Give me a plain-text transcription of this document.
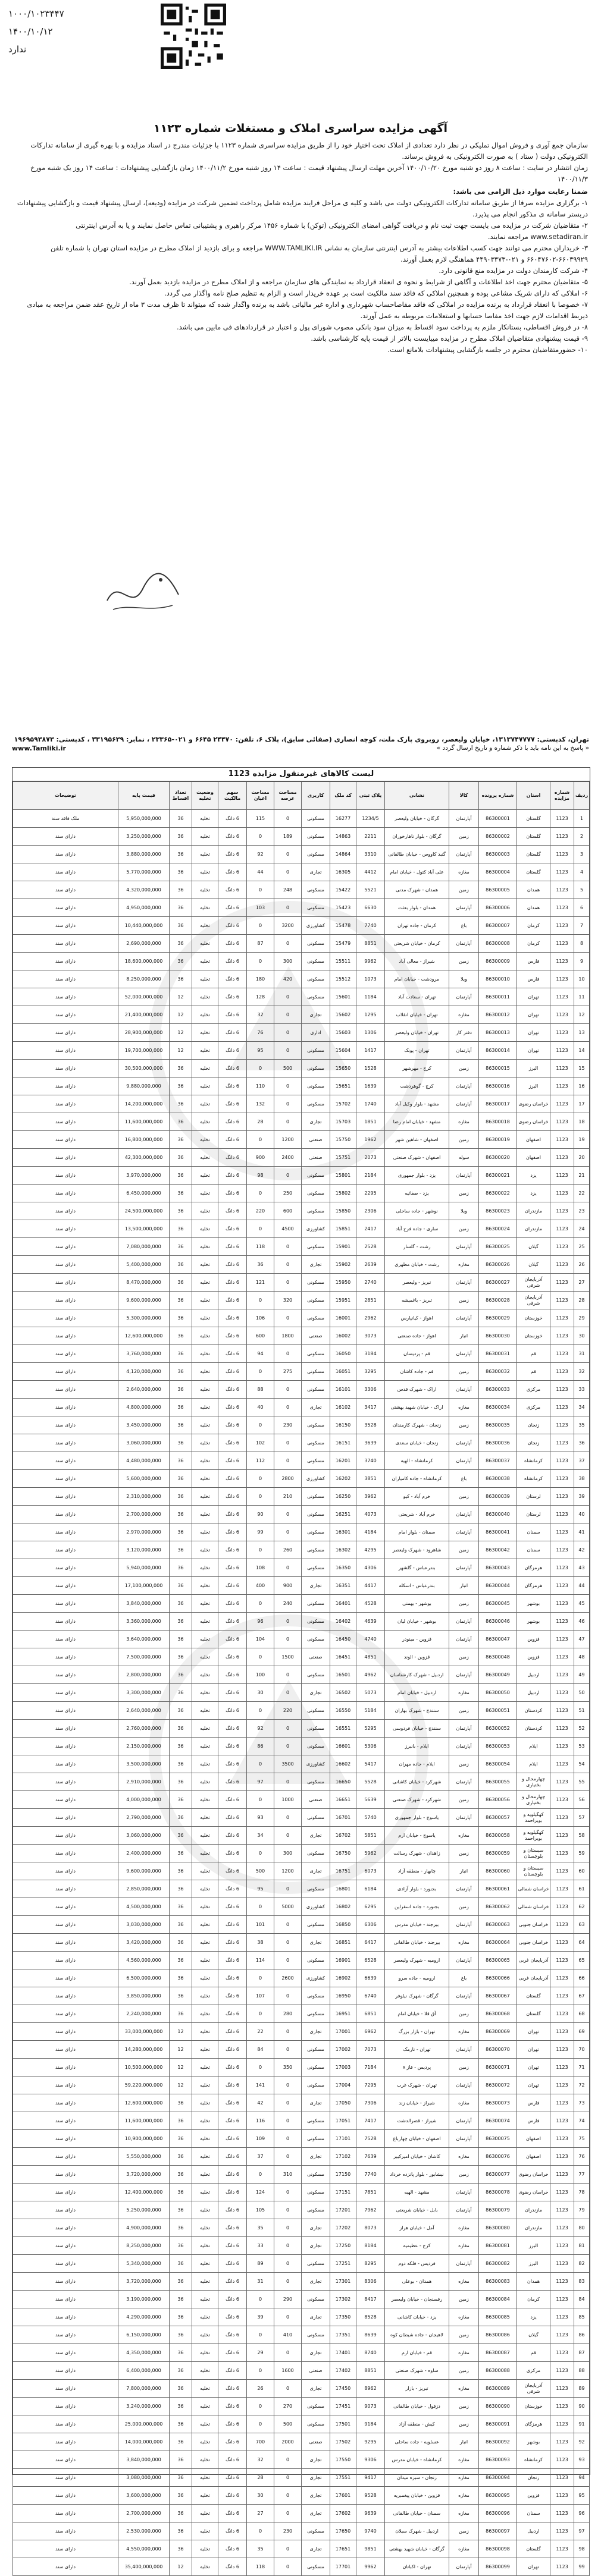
۱۰۰۰/۱۰۲۳۴۴۷
۱۴۰۰/۱۰/۱۲
ندارد
آگهی مزایده سراسری املاک و مستغلات شماره ۱۱۲۳

سازمان جمع آوری و فروش اموال تملیکی در نظر دارد تعدادی از املاک تحت اختیار خود را از طریق مزایده سراسری شماره ۱۱۲۳ با جزئیات مندرج در اسناد مزایده و با بهره گیری از سامانه تدارکات الکترونیکی دولت ( ستاد ) به صورت الکترونیکی به فروش برساند.

زمان انتشار در سایت : ساعت ۸ روز دو شنبه مورخ ۱۴۰۰/۱۰/۲۰ آخرین مهلت ارسال پیشنهاد قیمت : ساعت ۱۴ روز شنبه مورخ ۱۴۰۰/۱۱/۲ زمان بازگشایی پیشنهادات : ساعت ۱۴ روز یک شنبه مورخ ۱۴۰۰/۱۱/۳

ضمنا رعایت موارد ذیل الزامی می باشد:

۱- برگزاری مزایده صرفا از طریق سامانه تدارکات الکترونیکی دولت می باشد و کلیه ی مراحل فرایند مزایده شامل پرداخت تضمین شرکت در مزایده (ودیعه)، ارسال پیشنهاد قیمت و بازگشایی پیشنهادات دربستر سامانه ی مذکور انجام می پذیرد.

۲- متقاضیان شرکت در مزایده می بایست جهت ثبت نام و دریافت گواهی امضای الکترونیکی (توکن) با شماره ۱۴۵۶ مرکز راهبری و پشتیبانی تماس حاصل نمایند و یا به آدرس اینترنتی www.setadiran.ir مراجعه نمایند.

۳- خریداران محترم می توانند جهت کسب اطلاعات بیشتر به آدرس اینترنتی سازمان به نشانی WWW.TAMLIKI.IR مراجعه و برای بازدید از املاک مطرح در مزایده استان تهران با شماره تلفن ۶۶۰۳۹۹۲۹-۶۶۰۴۷۶۰۲ و ۰۲۱-۴۴۹۰۳۳۷۳ هماهنگی لازم بعمل آورند.

۴- شرکت کارمندان دولت در مزایده منع قانونی دارد.

۵- متقاضیان محترم جهت اخذ اطلاعات و آگاهی از شرایط و نحوه ی انعقاد قرارداد به نمایندگی های سازمان مراجعه و از املاک مطرح در مزایده بازدید بعمل آورند.

۶- املاکی که دارای شریک مشاعی بوده و همچنین املاکی که فاقد سند مالکیت است بر عهده خریدار است و الزام به تنظیم صلح نامه واگذار می گردد.

۷- خصوصا با انعقاد قرارداد به برنده مزایده در املاکی که فاقد مفاصاحساب شهرداری و اداره غیر مالیاتی باشد به برنده واگذار شده که میتواند تا ظرف مدت ۳ ماه از تاریخ عقد ضمن مراجعه به مبادی ذیربط اقدامات لازم جهت اخذ مفاصا حسابها و استعلامات مربوطه به عمل آورند.

۸- در فروش اقساطی، بستانکار ملزم به پرداخت سود اقساط به میزان سود بانکی مصوب شورای پول و اعتبار در قراردادهای فی مابین می باشد.

۹- قیمت پیشنهادی متقاضیان املاک مطرح در مزایده میبایست بالاتر از قیمت پایه کارشناسی باشد.

۱۰- حضورمتقاضیان محترم در جلسه بازگشایی پیشنهادات بلامانع است.

تهران، کدپستی: ۱۳۱۳۷۴۷۷۷۷، خیابان ولیعصر، روبروی پارک ملت، کوچه انصاری (صفائی سابق)، پلاک ۶، تلفن: ۲۴۴۷۰ ۶۶۴۵ و ۰۲۱-۲۳۳۶۵ ، نمابر: ۳۳۱۹۵۶۳۹ ، کدپستی: ۱۹۶۹۵۹۳۸۷۳
« پاسخ به این نامه باید با ذکر شماره و تاریخ ارسال گردد »
www.Tamliki.ir
لیست کالاهای غیرمنقول مزایده 1123
ردیف	شماره مزایده	استان	شماره پرونده	کالا	نشانی	پلاک ثبتی	کد ملک	کاربری	مساحت عرصه	مساحت اعیان	سهم مالکیت	وضعیت تخلیه	تعداد اقساط	قیمت پایه	توضیحات
1	1123	گلستان	86300001	آپارتمان	گرگان - خیابان ولیعصر	1234/5	16277	مسکونی	0	115	6 دانگ	تخلیه	36	5,950,000,000	ملک فاقد سند
2	1123	گلستان	86300002	زمین	گرگان - بلوار ناهارخوران	2211	14863	مسکونی	189	0	6 دانگ	تخلیه	36	3,250,000,000	دارای سند
3	1123	گلستان	86300003	آپارتمان	گنبد کاووس - خیابان طالقانی	3310	14864	مسکونی	0	92	6 دانگ	تخلیه	36	3,880,000,000	دارای سند
4	1123	گلستان	86300004	مغازه	علی آباد کتول - خیابان امام	4412	16305	تجاری	0	44	6 دانگ	تخلیه	36	5,770,000,000	دارای سند
5	1123	همدان	86300005	زمین	همدان - شهرک مدنی	5521	15422	مسکونی	248	0	6 دانگ	تخلیه	36	4,320,000,000	دارای سند
6	1123	همدان	86300006	آپارتمان	همدان - بلوار بعثت	6630	15423	مسکونی	0	103	6 دانگ	تخلیه	36	4,950,000,000	دارای سند
7	1123	کرمان	86300007	باغ	کرمان - جاده تهران	7740	15478	کشاورزی	3200	0	6 دانگ	تخلیه	36	10,440,000,000	دارای سند
8	1123	کرمان	86300008	آپارتمان	کرمان - خیابان شریعتی	8851	15479	مسکونی	0	87	6 دانگ	تخلیه	36	2,690,000,000	دارای سند
9	1123	فارس	86300009	زمین	شیراز - معالی آباد	9962	15511	مسکونی	300	0	6 دانگ	تخلیه	36	18,600,000,000	دارای سند
10	1123	فارس	86300010	ویلا	مرودشت - خیابان امام	1073	15512	مسکونی	420	180	6 دانگ	تخلیه	36	8,250,000,000	دارای سند
11	1123	تهران	86300011	آپارتمان	تهران - سعادت آباد	1184	15601	مسکونی	0	128	6 دانگ	تخلیه	12	52,000,000,000	دارای سند
12	1123	تهران	86300012	مغازه	تهران - خیابان انقلاب	1295	15602	تجاری	0	32	6 دانگ	تخلیه	12	21,400,000,000	دارای سند
13	1123	تهران	86300013	دفتر کار	تهران - خیابان ولیعصر	1306	15603	اداری	0	76	6 دانگ	تخلیه	12	28,900,000,000	دارای سند
14	1123	تهران	86300014	آپارتمان	تهران - پونک	1417	15604	مسکونی	0	95	6 دانگ	تخلیه	12	19,700,000,000	دارای سند
15	1123	البرز	86300015	زمین	کرج - مهرشهر	1528	15650	مسکونی	500	0	6 دانگ	تخلیه	36	30,500,000,000	دارای سند
16	1123	البرز	86300016	آپارتمان	کرج - گوهردشت	1639	15651	مسکونی	0	110	6 دانگ	تخلیه	36	9,880,000,000	دارای سند
17	1123	خراسان رضوی	86300017	آپارتمان	مشهد - بلوار وکیل آباد	1740	15702	مسکونی	0	132	6 دانگ	تخلیه	36	14,200,000,000	دارای سند
18	1123	خراسان رضوی	86300018	مغازه	مشهد - خیابان امام رضا	1851	15703	تجاری	0	28	6 دانگ	تخلیه	36	11,600,000,000	دارای سند
19	1123	اصفهان	86300019	زمین	اصفهان - شاهین شهر	1962	15750	صنعتی	1200	0	6 دانگ	تخلیه	36	16,800,000,000	دارای سند
20	1123	اصفهان	86300020	سوله	اصفهان - شهرک صنعتی	2073	15751	صنعتی	2400	900	6 دانگ	تخلیه	36	42,300,000,000	دارای سند
21	1123	یزد	86300021	آپارتمان	یزد - بلوار جمهوری	2184	15801	مسکونی	0	98	6 دانگ	تخلیه	36	3,970,000,000	دارای سند
22	1123	یزد	86300022	زمین	یزد - صفائیه	2295	15802	مسکونی	250	0	6 دانگ	تخلیه	36	6,450,000,000	دارای سند
23	1123	مازندران	86300023	ویلا	نوشهر - جاده ساحلی	2306	15850	مسکونی	600	220	6 دانگ	تخلیه	36	24,500,000,000	دارای سند
24	1123	مازندران	86300024	زمین	ساری - جاده فرح آباد	2417	15851	کشاورزی	4500	0	6 دانگ	تخلیه	36	13,500,000,000	دارای سند
25	1123	گیلان	86300025	آپارتمان	رشت - گلسار	2528	15901	مسکونی	0	118	6 دانگ	تخلیه	36	7,080,000,000	دارای سند
26	1123	گیلان	86300026	مغازه	رشت - خیابان مطهری	2639	15902	تجاری	0	36	6 دانگ	تخلیه	36	5,400,000,000	دارای سند
27	1123	آذربایجان شرقی	86300027	آپارتمان	تبریز - ولیعصر	2740	15950	مسکونی	0	121	6 دانگ	تخلیه	36	8,470,000,000	دارای سند
28	1123	آذربایجان شرقی	86300028	زمین	تبریز - باغمیشه	2851	15951	مسکونی	320	0	6 دانگ	تخلیه	36	9,600,000,000	دارای سند
29	1123	خوزستان	86300029	آپارتمان	اهواز - کیانپارس	2962	16001	مسکونی	0	106	6 دانگ	تخلیه	36	5,300,000,000	دارای سند
30	1123	خوزستان	86300030	انبار	اهواز - جاده صنعتی	3073	16002	صنعتی	1800	600	6 دانگ	تخلیه	36	12,600,000,000	دارای سند
31	1123	قم	86300031	آپارتمان	قم - پردیسان	3184	16050	مسکونی	0	94	6 دانگ	تخلیه	36	3,760,000,000	دارای سند
32	1123	قم	86300032	زمین	قم - جاده کاشان	3295	16051	مسکونی	275	0	6 دانگ	تخلیه	36	4,120,000,000	دارای سند
33	1123	مرکزی	86300033	آپارتمان	اراک - شهرک قدس	3306	16101	مسکونی	0	88	6 دانگ	تخلیه	36	2,640,000,000	دارای سند
34	1123	مرکزی	86300034	مغازه	اراک - خیابان شهید بهشتی	3417	16102	تجاری	0	40	6 دانگ	تخلیه	36	4,800,000,000	دارای سند
35	1123	زنجان	86300035	زمین	زنجان - شهرک کارمندان	3528	16150	مسکونی	230	0	6 دانگ	تخلیه	36	3,450,000,000	دارای سند
36	1123	زنجان	86300036	آپارتمان	زنجان - خیابان سعدی	3639	16151	مسکونی	0	102	6 دانگ	تخلیه	36	3,060,000,000	دارای سند
37	1123	کرمانشاه	86300037	آپارتمان	کرمانشاه - الهیه	3740	16201	مسکونی	0	112	6 دانگ	تخلیه	36	4,480,000,000	دارای سند
38	1123	کرمانشاه	86300038	باغ	کرمانشاه - جاده کامیاران	3851	16202	کشاورزی	2800	0	6 دانگ	تخلیه	36	5,600,000,000	دارای سند
39	1123	لرستان	86300039	زمین	خرم آباد - کیو	3962	16250	مسکونی	210	0	6 دانگ	تخلیه	36	2,310,000,000	دارای سند
40	1123	لرستان	86300040	آپارتمان	خرم آباد - شریعتی	4073	16251	مسکونی	0	90	6 دانگ	تخلیه	36	2,700,000,000	دارای سند
41	1123	سمنان	86300041	آپارتمان	سمنان - بلوار امام	4184	16301	مسکونی	0	99	6 دانگ	تخلیه	36	2,970,000,000	دارای سند
42	1123	سمنان	86300042	زمین	شاهرود - شهرک ولیعصر	4295	16302	مسکونی	260	0	6 دانگ	تخلیه	36	3,120,000,000	دارای سند
43	1123	هرمزگان	86300043	آپارتمان	بندرعباس - گلشهر	4306	16350	مسکونی	0	108	6 دانگ	تخلیه	36	5,940,000,000	دارای سند
44	1123	هرمزگان	86300044	انبار	بندرعباس - اسکله	4417	16351	تجاری	900	400	6 دانگ	تخلیه	36	17,100,000,000	دارای سند
45	1123	بوشهر	86300045	زمین	بوشهر - بهمنی	4528	16401	مسکونی	240	0	6 دانگ	تخلیه	36	3,840,000,000	دارای سند
46	1123	بوشهر	86300046	آپارتمان	بوشهر - خیابان لیان	4639	16402	مسکونی	0	96	6 دانگ	تخلیه	36	3,360,000,000	دارای سند
47	1123	قزوین	86300047	آپارتمان	قزوین - مینودر	4740	16450	مسکونی	0	104	6 دانگ	تخلیه	36	3,640,000,000	دارای سند
48	1123	قزوین	86300048	زمین	قزوین - الوند	4851	16451	صنعتی	1500	0	6 دانگ	تخلیه	36	7,500,000,000	دارای سند
49	1123	اردبیل	86300049	آپارتمان	اردبیل - شهرک کارشناسان	4962	16501	مسکونی	0	100	6 دانگ	تخلیه	36	2,800,000,000	دارای سند
50	1123	اردبیل	86300050	مغازه	اردبیل - خیابان امام	5073	16502	تجاری	0	30	6 دانگ	تخلیه	36	3,300,000,000	دارای سند
51	1123	کردستان	86300051	زمین	سنندج - شهرک بهاران	5184	16550	مسکونی	220	0	6 دانگ	تخلیه	36	2,640,000,000	دارای سند
52	1123	کردستان	86300052	آپارتمان	سنندج - خیابان فردوسی	5295	16551	مسکونی	0	92	6 دانگ	تخلیه	36	2,760,000,000	دارای سند
53	1123	ایلام	86300053	آپارتمان	ایلام - بانبرز	5306	16601	مسکونی	0	86	6 دانگ	تخلیه	36	2,150,000,000	دارای سند
54	1123	ایلام	86300054	زمین	ایلام - جاده مهران	5417	16602	کشاورزی	3500	0	6 دانگ	تخلیه	36	3,500,000,000	دارای سند
55	1123	چهارمحال و بختیاری	86300055	آپارتمان	شهرکرد - خیابان کاشانی	5528	16650	مسکونی	0	97	6 دانگ	تخلیه	36	2,910,000,000	دارای سند
56	1123	چهارمحال و بختیاری	86300056	زمین	شهرکرد - شهرک صنعتی	5639	16651	صنعتی	1000	0	6 دانگ	تخلیه	36	4,000,000,000	دارای سند
57	1123	کهگیلویه و بویراحمد	86300057	آپارتمان	یاسوج - بلوار جمهوری	5740	16701	مسکونی	0	93	6 دانگ	تخلیه	36	2,790,000,000	دارای سند
58	1123	کهگیلویه و بویراحمد	86300058	مغازه	یاسوج - خیابان ارم	5851	16702	تجاری	0	34	6 دانگ	تخلیه	36	3,060,000,000	دارای سند
59	1123	سیستان و بلوچستان	86300059	زمین	زاهدان - شهرک رسالت	5962	16750	مسکونی	300	0	6 دانگ	تخلیه	36	2,400,000,000	دارای سند
60	1123	سیستان و بلوچستان	86300060	انبار	چابهار - منطقه آزاد	6073	16751	تجاری	1200	500	6 دانگ	تخلیه	36	9,600,000,000	دارای سند
61	1123	خراسان شمالی	86300061	آپارتمان	بجنورد - بلوار آزادی	6184	16801	مسکونی	0	95	6 دانگ	تخلیه	36	2,850,000,000	دارای سند
62	1123	خراسان شمالی	86300062	زمین	بجنورد - جاده اسفراین	6295	16802	کشاورزی	5000	0	6 دانگ	تخلیه	36	4,500,000,000	دارای سند
63	1123	خراسان جنوبی	86300063	آپارتمان	بیرجند - خیابان مدرس	6306	16850	مسکونی	0	101	6 دانگ	تخلیه	36	3,030,000,000	دارای سند
64	1123	خراسان جنوبی	86300064	مغازه	بیرجند - خیابان طالقانی	6417	16851	تجاری	0	38	6 دانگ	تخلیه	36	3,420,000,000	دارای سند
65	1123	آذربایجان غربی	86300065	آپارتمان	ارومیه - شهرک ولیعصر	6528	16901	مسکونی	0	114	6 دانگ	تخلیه	36	4,560,000,000	دارای سند
66	1123	آذربایجان غربی	86300066	باغ	ارومیه - جاده سرو	6639	16902	کشاورزی	2600	0	6 دانگ	تخلیه	36	6,500,000,000	دارای سند
67	1123	گلستان	86300067	آپارتمان	گرگان - شهرک نیلوفر	6740	16950	مسکونی	0	107	6 دانگ	تخلیه	36	3,850,000,000	دارای سند
68	1123	گلستان	86300068	زمین	آق قلا - خیابان امام	6851	16951	مسکونی	280	0	6 دانگ	تخلیه	36	2,240,000,000	دارای سند
69	1123	تهران	86300069	مغازه	تهران - بازار بزرگ	6962	17001	تجاری	0	22	6 دانگ	تخلیه	12	33,000,000,000	دارای سند
70	1123	تهران	86300070	آپارتمان	تهران - نارمک	7073	17002	مسکونی	0	84	6 دانگ	تخلیه	12	14,280,000,000	دارای سند
71	1123	تهران	86300071	زمین	پردیس - فاز ۸	7184	17003	مسکونی	350	0	6 دانگ	تخلیه	12	10,500,000,000	دارای سند
72	1123	تهران	86300072	آپارتمان	تهران - شهرک غرب	7295	17004	مسکونی	0	141	6 دانگ	تخلیه	12	59,220,000,000	دارای سند
73	1123	فارس	86300073	مغازه	شیراز - خیابان زند	7306	17050	تجاری	0	42	6 دانگ	تخلیه	36	12,600,000,000	دارای سند
74	1123	فارس	86300074	آپارتمان	شیراز - قصرالدشت	7417	17051	مسکونی	0	116	6 دانگ	تخلیه	36	11,600,000,000	دارای سند
75	1123	اصفهان	86300075	آپارتمان	اصفهان - خیابان چهارباغ	7528	17101	مسکونی	0	109	6 دانگ	تخلیه	36	10,900,000,000	دارای سند
76	1123	اصفهان	86300076	مغازه	کاشان - خیابان امیرکبیر	7639	17102	تجاری	0	37	6 دانگ	تخلیه	36	5,550,000,000	دارای سند
77	1123	خراسان رضوی	86300077	زمین	نیشابور - بلوار پانزده خرداد	7740	17150	مسکونی	310	0	6 دانگ	تخلیه	36	3,720,000,000	دارای سند
78	1123	خراسان رضوی	86300078	آپارتمان	مشهد - الهیه	7851	17151	مسکونی	0	124	6 دانگ	تخلیه	36	12,400,000,000	دارای سند
79	1123	مازندران	86300079	آپارتمان	بابل - خیابان شریعتی	7962	17201	مسکونی	0	105	6 دانگ	تخلیه	36	5,250,000,000	دارای سند
80	1123	مازندران	86300080	مغازه	آمل - خیابان هراز	8073	17202	تجاری	0	35	6 دانگ	تخلیه	36	4,900,000,000	دارای سند
81	1123	البرز	86300081	مغازه	کرج - عظیمیه	8184	17250	تجاری	0	33	6 دانگ	تخلیه	36	8,250,000,000	دارای سند
82	1123	البرز	86300082	آپارتمان	فردیس - فلکه دوم	8295	17251	مسکونی	0	89	6 دانگ	تخلیه	36	5,340,000,000	دارای سند
83	1123	همدان	86300083	مغازه	همدان - بوعلی	8306	17301	تجاری	0	31	6 دانگ	تخلیه	36	3,720,000,000	دارای سند
84	1123	کرمان	86300084	زمین	رفسنجان - خیابان ولیعصر	8417	17302	مسکونی	290	0	6 دانگ	تخلیه	36	3,190,000,000	دارای سند
85	1123	یزد	86300085	مغازه	یزد - خیابان کاشانی	8528	17350	تجاری	0	39	6 دانگ	تخلیه	36	4,290,000,000	دارای سند
86	1123	گیلان	86300086	زمین	لاهیجان - جاده شیطان کوه	8639	17351	مسکونی	410	0	6 دانگ	تخلیه	36	6,150,000,000	دارای سند
87	1123	قم	86300087	مغازه	قم - خیابان ارم	8740	17401	تجاری	0	29	6 دانگ	تخلیه	36	4,350,000,000	دارای سند
88	1123	مرکزی	86300088	زمین	ساوه - شهرک صنعتی	8851	17402	صنعتی	1600	0	6 دانگ	تخلیه	36	6,400,000,000	دارای سند
89	1123	آذربایجان شرقی	86300089	مغازه	تبریز - بازار	8962	17450	تجاری	0	26	6 دانگ	تخلیه	36	7,800,000,000	دارای سند
90	1123	خوزستان	86300090	زمین	دزفول - خیابان طالقانی	9073	17451	مسکونی	270	0	6 دانگ	تخلیه	36	3,240,000,000	دارای سند
91	1123	هرمزگان	86300091	زمین	کیش - منطقه آزاد	9184	17501	مسکونی	500	0	6 دانگ	تخلیه	36	25,000,000,000	دارای سند
92	1123	بوشهر	86300092	انبار	عسلویه - جاده ساحلی	9295	17502	صنعتی	2000	700	6 دانگ	تخلیه	36	14,000,000,000	دارای سند
93	1123	کرمانشاه	86300093	مغازه	کرمانشاه - خیابان مدرس	9306	17550	تجاری	0	32	6 دانگ	تخلیه	36	3,840,000,000	دارای سند
94	1123	زنجان	86300094	مغازه	زنجان - سبزه میدان	9417	17551	تجاری	0	28	6 دانگ	تخلیه	36	3,080,000,000	دارای سند
95	1123	قزوین	86300095	مغازه	قزوین - خیابان پیغمبریه	9528	17601	تجاری	0	30	6 دانگ	تخلیه	36	3,600,000,000	دارای سند
96	1123	سمنان	86300096	مغازه	سمنان - خیابان طالقانی	9639	17602	تجاری	0	27	6 دانگ	تخلیه	36	2,700,000,000	دارای سند
97	1123	اردبیل	86300097	زمین	اردبیل - شهرک سبلان	9740	17650	مسکونی	230	0	6 دانگ	تخلیه	36	2,530,000,000	دارای سند
98	1123	گلستان	86300098	مغازه	گرگان - خیابان شهید بهشتی	9851	17651	تجاری	0	35	6 دانگ	تخلیه	36	4,550,000,000	دارای سند
99	1123	تهران	86300099	آپارتمان	تهران - اکباتان	9962	17701	مسکونی	0	118	6 دانگ	تخلیه	12	35,400,000,000	دارای سند
